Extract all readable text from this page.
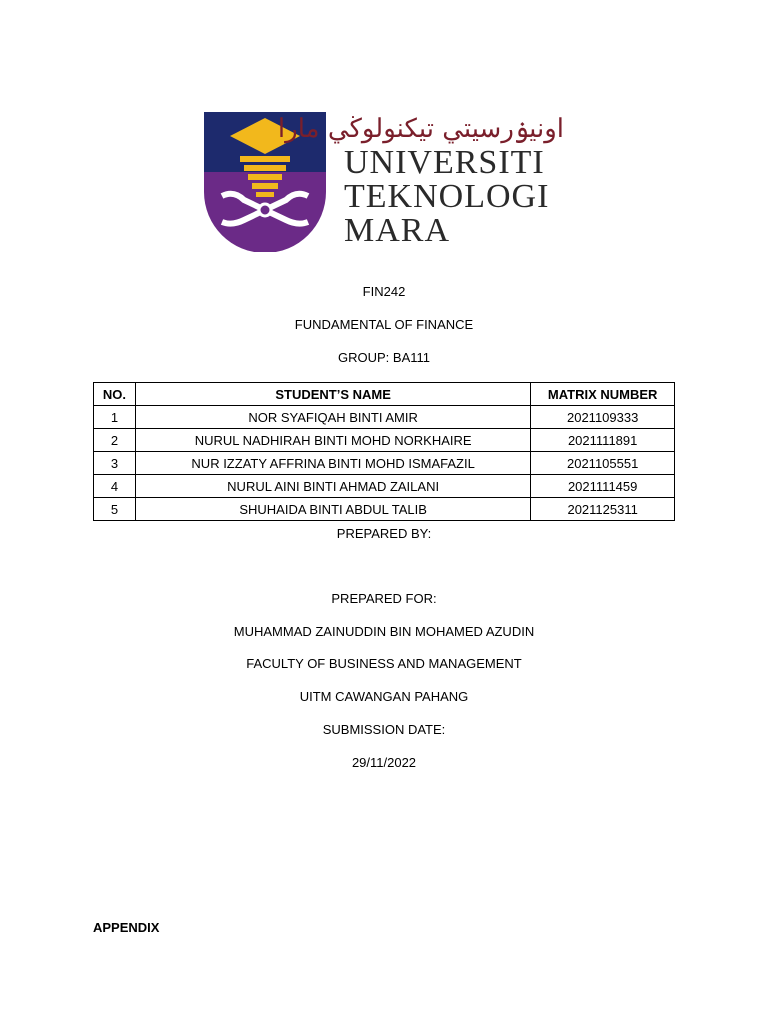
اونيۏرسيتي تيكنولوڬي مارا
UNIVERSITI
TEKNOLOGI
MARA
FIN242
FUNDAMENTAL OF FINANCE
GROUP: BA111
NO.	STUDENT’S NAME	MATRIX NUMBER
1	NOR SYAFIQAH BINTI AMIR	2021109333
2	NURUL NADHIRAH BINTI MOHD NORKHAIRE	2021111891
3	NUR IZZATY AFFRINA BINTI MOHD ISMAFAZIL	2021105551
4	NURUL AINI BINTI AHMAD ZAILANI	2021111459
5	SHUHAIDA BINTI ABDUL TALIB	2021125311
PREPARED BY:
PREPARED FOR:
MUHAMMAD ZAINUDDIN BIN MOHAMED AZUDIN
FACULTY OF BUSINESS AND MANAGEMENT
UITM CAWANGAN PAHANG
SUBMISSION DATE:
29/11/2022
APPENDIX
